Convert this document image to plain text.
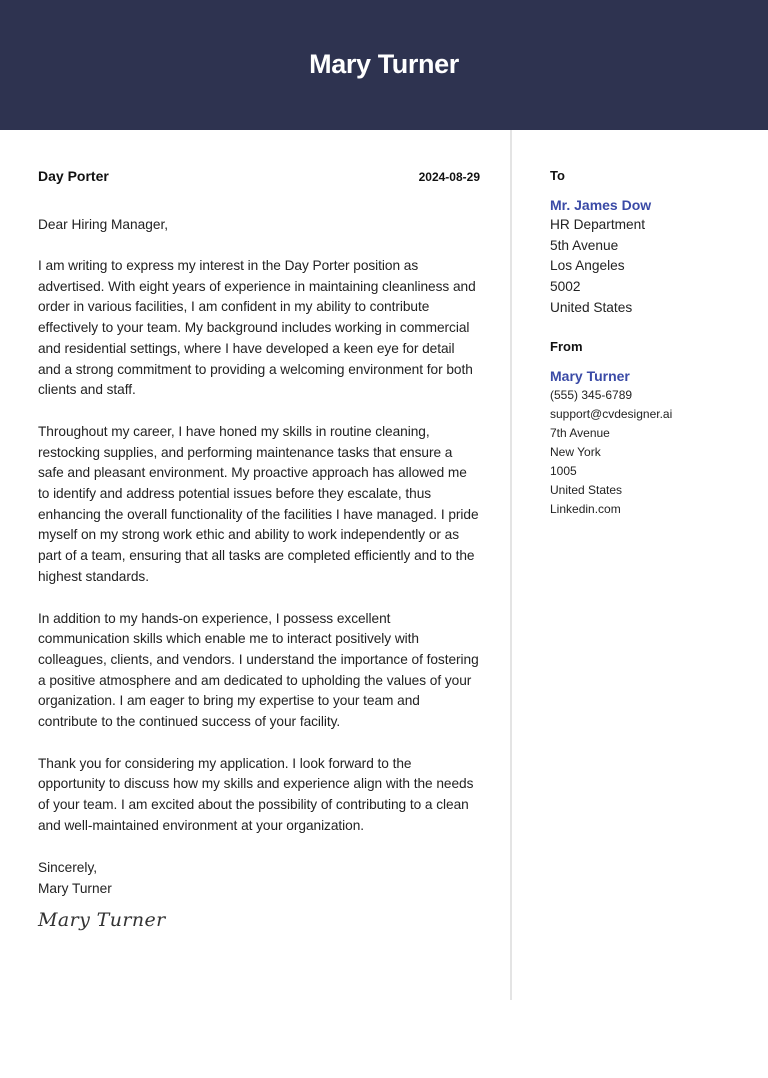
Mary Turner
Day Porter	2024-08-29
Dear Hiring Manager,

I am writing to express my interest in the Day Porter position as advertised. With eight years of experience in maintaining cleanliness and order in various facilities, I am confident in my ability to contribute effectively to your team. My background includes working in commercial and residential settings, where I have developed a keen eye for detail and a strong commitment to providing a welcoming environment for both clients and staff.

Throughout my career, I have honed my skills in routine cleaning, restocking supplies, and performing maintenance tasks that ensure a safe and pleasant environment. My proactive approach has allowed me to identify and address potential issues before they escalate, thus enhancing the overall functionality of the facilities I have managed. I pride myself on my strong work ethic and ability to work independently or as part of a team, ensuring that all tasks are completed efficiently and to the highest standards.

In addition to my hands-on experience, I possess excellent communication skills which enable me to interact positively with colleagues, clients, and vendors. I understand the importance of fostering a positive atmosphere and am dedicated to upholding the values of your organization. I am eager to bring my expertise to your team and contribute to the continued success of your facility.

Thank you for considering my application. I look forward to the opportunity to discuss how my skills and experience align with the needs of your team. I am excited about the possibility of contributing to a clean and well-maintained environment at your organization.

Sincerely,
Mary Turner
Mary Turner
To
Mr. James Dow
HR Department
5th Avenue
Los Angeles
5002
United States
From
Mary Turner
(555) 345-6789
support@cvdesigner.ai
7th Avenue
New York
1005
United States
Linkedin.com
